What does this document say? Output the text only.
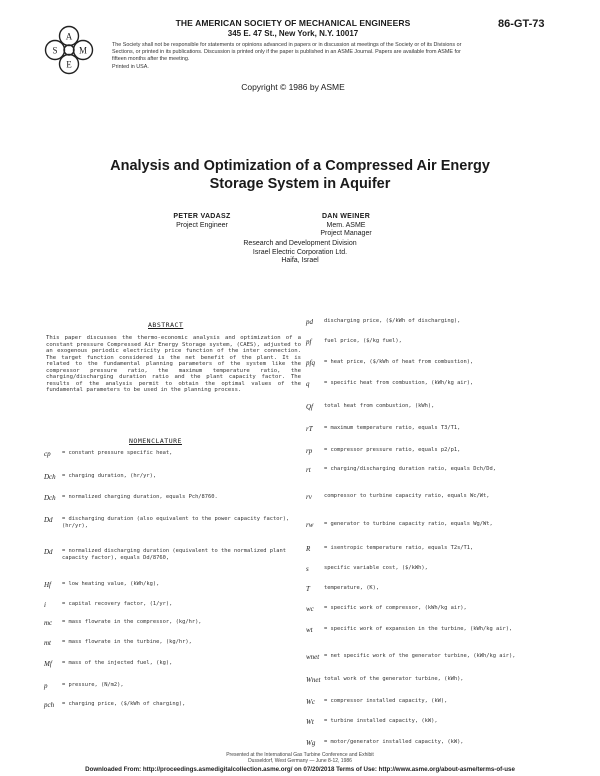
THE AMERICAN SOCIETY OF MECHANICAL ENGINEERS
345 E. 47 St., New York, N.Y. 10017
86-GT-73
A
S M
E
The Society shall not be responsible for statements or opinions advanced in papers or in discussion at meetings of the Society or of its Divisions or Sections, or printed in its publications. Discussion is printed only if the paper is published in an ASME Journal. Papers are available from ASME for fifteen months after the meeting.
Printed in USA.
Copyright © 1986 by ASME
Analysis and Optimization of a Compressed Air Energy
Storage System in Aquifer
PETER VADASZ
Project Engineer
DAN WEINER
Mem. ASME
Project Manager
Research and Development Division
Israel Electric Corporation Ltd.
Haifa, Israel
ABSTRACT
This paper discusses the thermo-economic analysis and optimization of a constant pressure Compressed Air Energy Storage system, (CAES), adjusted to an exogenous periodic electricity price function of the inter connection. The target function considered is the net benefit of the plant. It is related to the fundamental planning parameters of the system like the compressor pressure ratio, the maximum temperature ratio, the charging/discharging duration ratio and the plant capacity factor. The results of the analysis permit to obtain the optimal values of the fundamental parameters to be used in the planning process.
NOMENCLATURE
cp	= constant pressure specific heat,
Dch	= charging duration, (hr/yr),
Dch	= normalized charging duration, equals Pch/8760.
Dd	= discharging duration (also equivalent to the power capacity factor), (hr/yr),
Dd	= normalized discharging duration (equivalent to the normalized plant capacity factor), equals Dd/8760,
Hf	= low heating value, (kWh/kg),
i	= capital recovery factor, (1/yr),
mc	= mass flowrate in the compressor, (kg/hr),
mt	= mass flowrate in the turbine, (kg/hr),
Mf	= mass of the injected fuel, (kg),
p	= pressure, (N/m2),
pch	= charging price, ($/kWh of charging),
pd	discharging price, ($/kWh of discharging),
pf	fuel price, ($/kg fuel),
pfq	= heat price, ($/kWh of heat from combustion),
q	= specific heat from combustion, (kWh/kg air),
Qf	total heat from combustion, (kWh),
rT	= maximum temperature ratio, equals T3/T1,
rp	= compressor pressure ratio, equals p2/p1,
rt	= charging/discharging duration ratio, equals Dch/Dd,
rv	compressor to turbine capacity ratio, equals Wc/Wt,
rw	= generator to turbine capacity ratio, equals Wg/Wt,
R	= isentropic temperature ratio, equals T2s/T1,
s	specific variable cost, ($/kWh),
T	temperature, (K),
wc	= specific work of compressor, (kWh/kg air),
wt	= specific work of expansion in the turbine, (kWh/kg air),
wnet = net specific work of the generator turbine, (kWh/kg air),
Wnet total work of the generator turbine, (kWh),
Wc	= compressor installed capacity, (kW),
Wt	= turbine installed capacity, (kW),
Wg	= motor/generator installed capacity, (kW),
Presented at the International Gas Turbine Conference and Exhibit
Dusseldorf, West Germany — June 8-12, 1986
Downloaded From: http://proceedings.asmedigitalcollection.asme.org/ on 07/20/2018 Terms of Use: http://www.asme.org/about-asme/terms-of-use
